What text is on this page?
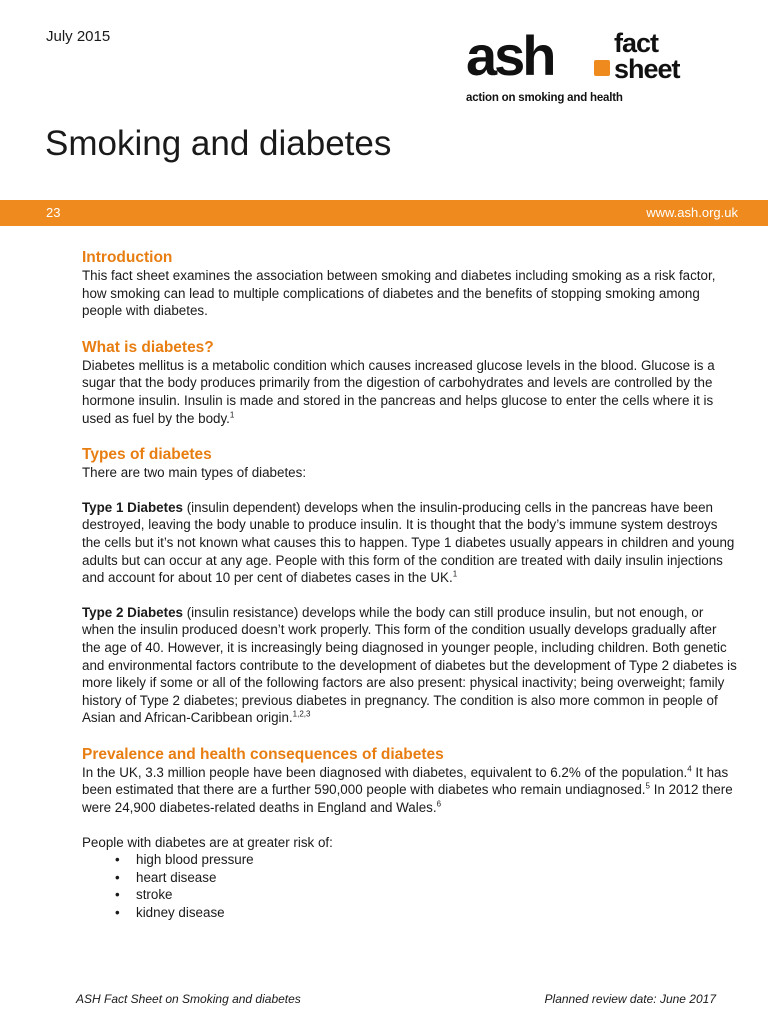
July 2015	ash fact
sheet
action on smoking and health
Smoking and diabetes
23	www.ash.org.uk
Introduction

This fact sheet examines the association between smoking and diabetes including smoking as a risk factor, how smoking can lead to multiple complications of diabetes and the benefits of stopping smoking among people with diabetes.

What is diabetes?

Diabetes mellitus is a metabolic condition which causes increased glucose levels in the blood. Glucose is a sugar that the body produces primarily from the digestion of carbohydrates and levels are controlled by the hormone insulin. Insulin is made and stored in the pancreas and helps glucose to enter the cells where it is used as fuel by the body.$^1$

Types of diabetes

There are two main types of diabetes:

Type 1 Diabetes (insulin dependent) develops when the insulin-producing cells in the pancreas have been destroyed, leaving the body unable to produce insulin. It is thought that the body’s immune system destroys the cells but it’s not known what causes this to happen. Type 1 diabetes usually appears in children and young adults but can occur at any age. People with this form of the condition are treated with daily insulin injections and account for about 10 per cent of diabetes cases in the UK.$^1$

Type 2 Diabetes (insulin resistance) develops while the body can still produce insulin, but not enough, or when the insulin produced doesn’t work properly. This form of the condition usually develops gradually after the age of 40. However, it is increasingly being diagnosed in younger people, including children. Both genetic and environmental factors contribute to the development of diabetes but the development of Type 2 diabetes is more likely if some or all of the following factors are also present: physical inactivity; being overweight; family history of Type 2 diabetes; previous diabetes in pregnancy. The condition is also more common in people of Asian and African-Caribbean origin.$^{1,2,3}$

Prevalence and health consequences of diabetes

In the UK, 3.3 million people have been diagnosed with diabetes, equivalent to 6.2% of the population.$^4$ It has been estimated that there are a further 590,000 people with diabetes who remain undiagnosed.$^5$ In 2012 there were 24,900 diabetes-related deaths in England and Wales.$^6$

People with diabetes are at greater risk of:

• high blood pressure
• heart disease
• stroke
• kidney disease
ASH Fact Sheet on Smoking and diabetes	Planned review date: June 2017
